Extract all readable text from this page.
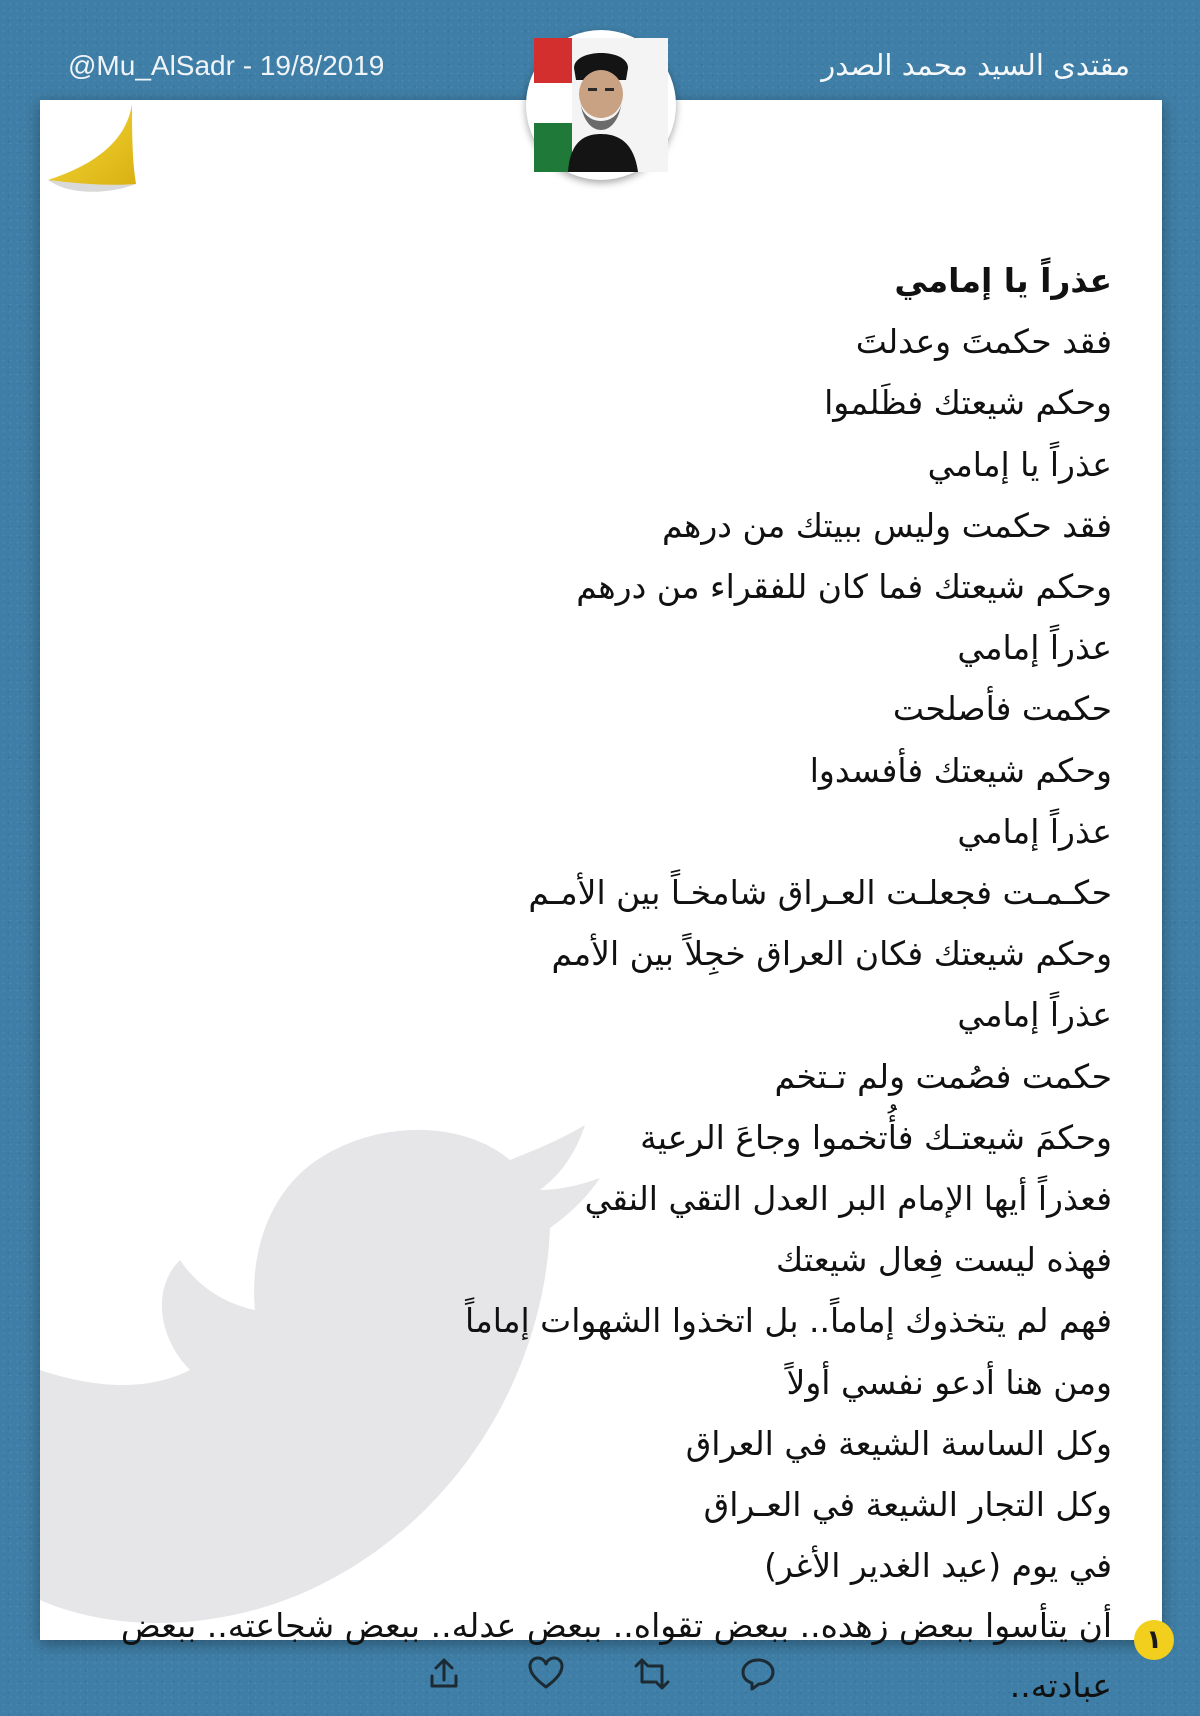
@Mu_AlSadr - 19/8/2019	مقتدى السيد محمد الصدر
عذراً يا إمامي
فقد حكمتَ وعدلتَ
وحكم شيعتك فظَلموا
عذراً يا إمامي
فقد حكمت وليس ببيتك من درهم
وحكم شيعتك فما كان للفقراء من درهم
عذراً إمامي
حكمت فأصلحت
وحكم شيعتك فأفسدوا
عذراً إمامي
حكـمـت فجعلـت العـراق شامخـاً بين الأمـم
وحكم شيعتك فكان العراق خجِلاً بين الأمم
عذراً إمامي
حكمت فصُمت ولم تـتخم
وحكمَ شيعتـك فأُتخموا وجاعَ الرعية
فعذراً أيها الإمام البر العدل التقي النقي
فهذه ليست فِعال شيعتك
فهم لم يتخذوك إماماً.. بل اتخذوا الشهوات إماماً
ومن هنا أدعو نفسي أولاً
وكل الساسة الشيعة في العراق
وكل التجار الشيعة في العـراق
في يوم (عيد الغدير الأغر)
أن يتأسوا ببعض زهده.. ببعض تقواه.. ببعض عدله.. ببعض شجاعته.. ببعض عبادته..
١
